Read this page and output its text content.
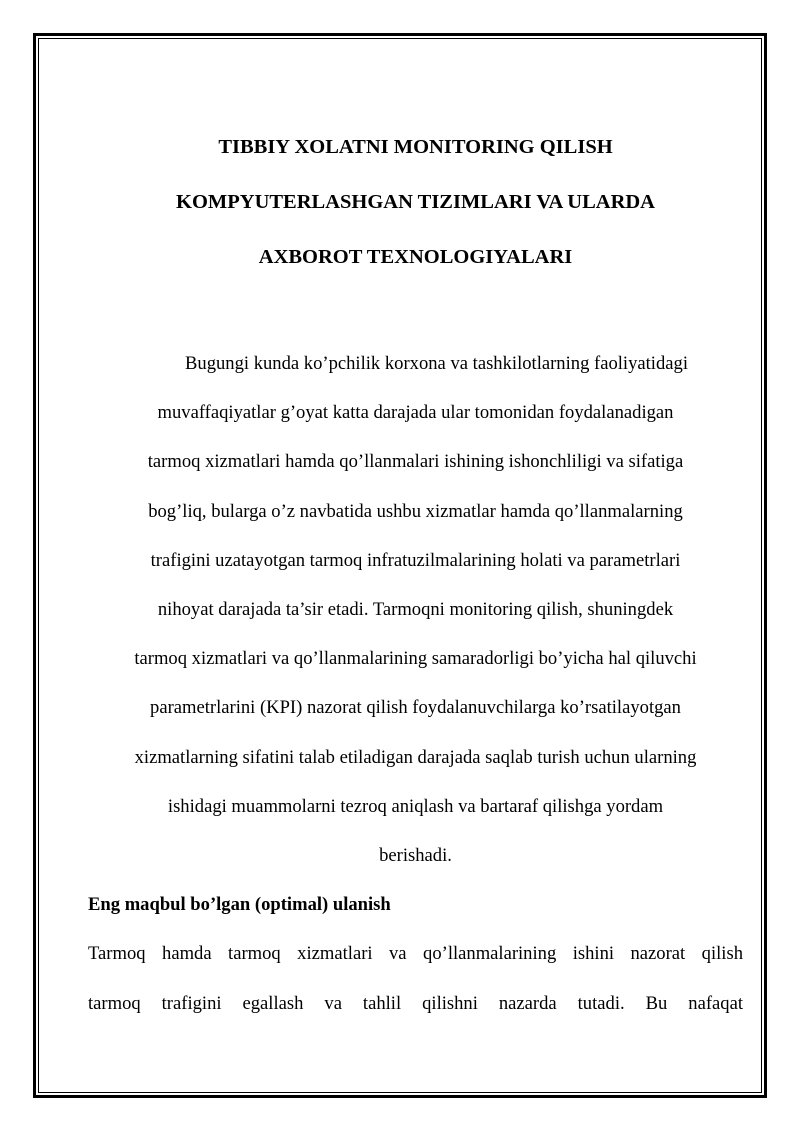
TIBBIY XOLATNI MONITORING QILISH
KOMPYUTERLASHGAN TIZIMLARI VA ULARDA
AXBOROT TEXNOLOGIYALARI

Bugungi kunda ko’pchilik korxona va tashkilotlarning faoliyatidagi
muvaffaqiyatlar g’oyat katta darajada ular tomonidan foydalanadigan
tarmoq xizmatlari hamda qo’llanmalari ishining ishonchliligi va sifatiga
bog’liq, bularga o’z navbatida ushbu xizmatlar hamda qo’llanmalarning
trafigini uzatayotgan tarmoq infratuzilmalarining holati va parametrlari
nihoyat darajada ta’sir etadi. Tarmoqni monitoring qilish, shuningdek
tarmoq xizmatlari va qo’llanmalarining samaradorligi bo’yicha hal qiluvchi
parametrlarini (KPI) nazorat qilish foydalanuvchilarga ko’rsatilayotgan
xizmatlarning sifatini talab etiladigan darajada saqlab turish uchun ularning
ishidagi muammolarni tezroq aniqlash va bartaraf qilishga yordam
berishadi.

Eng maqbul bo’lgan (optimal) ulanish

Tarmoq hamda tarmoq xizmatlari va qo’llanmalarining ishini nazorat qilish
tarmoq trafigini egallash va tahlil qilishni nazarda tutadi. Bu nafaqat
